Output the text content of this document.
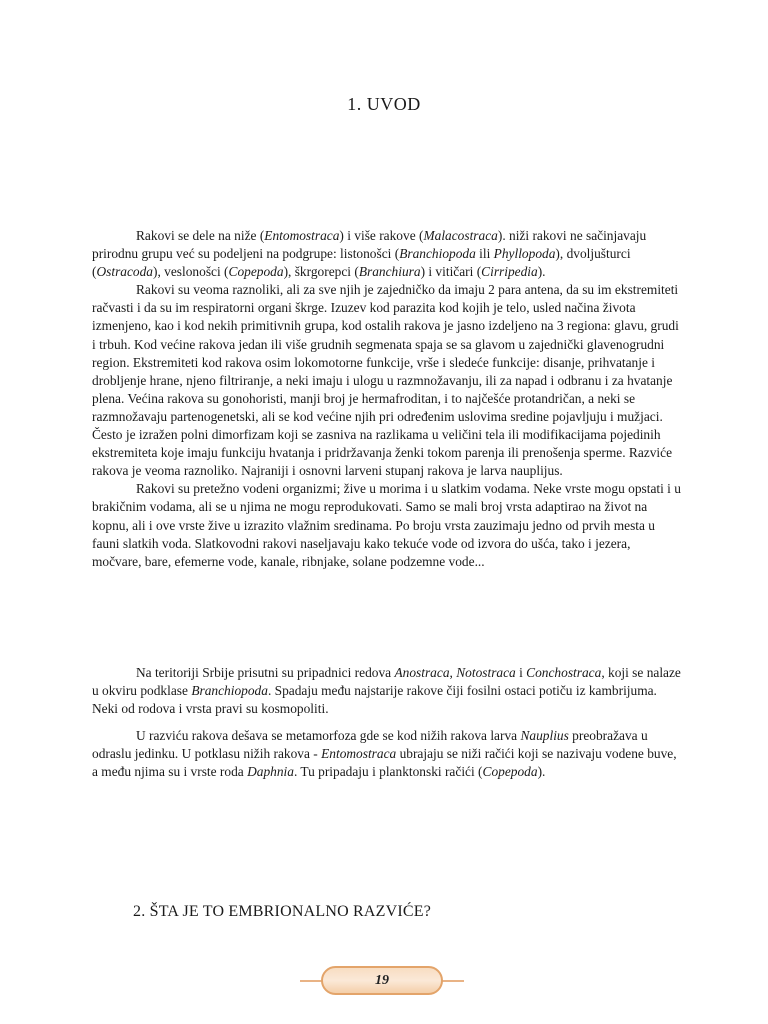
1. UVOD

Rakovi se dele na niže (Entomostraca) i više rakove (Malacostraca). niži rakovi ne sačinjavaju prirodnu grupu već su podeljeni na podgrupe: listonošci (Branchiopoda ili Phyllopoda), dvoljušturci (Ostracoda), veslonošci (Copepoda), škrgorepci (Branchiura) i vitičari (Cirripedia).
Rakovi su veoma raznoliki, ali za sve njih je zajedničko da imaju 2 para antena, da su im ekstremiteti račvasti i da su im respiratorni organi škrge. Izuzev kod parazita kod kojih je telo, usled načina života izmenjeno, kao i kod nekih primitivnih grupa, kod ostalih rakova je jasno izdeljeno na 3 regiona: glavu, grudi i trbuh. Kod većine rakova jedan ili više grudnih segmenata spaja se sa glavom u zajednički glavenogrudni region. Ekstremiteti kod rakova osim lokomotorne funkcije, vrše i sledeće funkcije: disanje, prihvatanje i drobljenje hrane, njeno filtriranje, a neki imaju i ulogu u razmnožavanju, ili za napad i odbranu i za hvatanje plena. Većina rakova su gonohoristi, manji broj je hermafroditan, i to najčešće protandričan, a neki se razmnožavaju partenogenetski, ali se kod većine njih pri određenim uslovima sredine pojavljuju i mužjaci. Često je izražen polni dimorfizam koji se zasniva na razlikama u veličini tela ili modifikacijama pojedinih ekstremiteta koje imaju funkciju hvatanja i pridržavanja ženki tokom parenja ili prenošenja sperme. Razviće rakova je veoma raznoliko. Najraniji i osnovni larveni stupanj rakova je larva nauplijus.
Rakovi su pretežno vodeni organizmi; žive u morima i u slatkim vodama. Neke vrste mogu opstati i u brakičnim vodama, ali se u njima ne mogu reprodukovati. Samo se mali broj vrsta adaptirao na život na kopnu, ali i ove vrste žive u izrazito vlažnim sredinama. Po broju vrsta zauzimaju jedno od prvih mesta u fauni slatkih voda. Slatkovodni rakovi naseljavaju kako tekuće vode od izvora do ušća, tako i jezera, močvare, bare, efemerne vode, kanale, ribnjake, solane podzemne vode...

Na teritoriji Srbije prisutni su pripadnici redova Anostraca, Notostraca i Conchostraca, koji se nalaze u okviru podklase Branchiopoda. Spadaju među najstarije rakove čiji fosilni ostaci potiču iz kambrijuma. Neki od rodova i vrsta pravi su kosmopoliti.

U razviću rakova dešava se metamorfoza gde se kod nižih rakova larva Nauplius preobražava u odraslu jedinku. U potklasu nižih rakova - Entomostraca ubrajaju se niži račići koji se nazivaju vodene buve, a među njima su i vrste roda Daphnia. Tu pripadaju i planktonski račići (Copepoda).

2. ŠTA JE TO EMBRIONALNO RAZVIĆE?
19
